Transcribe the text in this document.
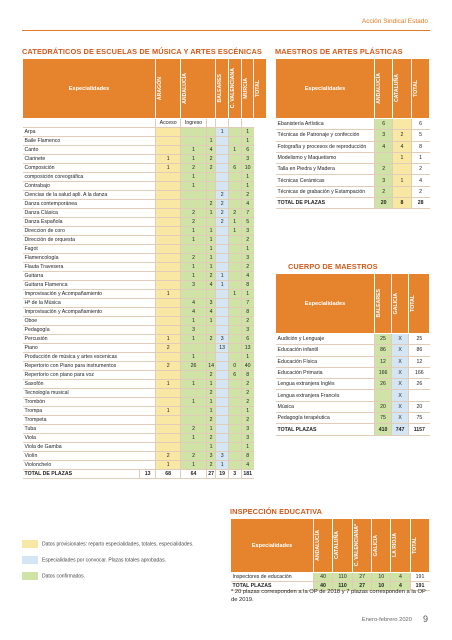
Acción Sindical Estado
CATEDRÁTICOS DE ESCUELAS DE MÚSICA Y ARTES ESCÉNICAS MAESTROS DE ARTES PLÁSTICAS
CUERPO DE MAESTROS
INSPECCIÓN EDUCATIVA
Especialidades		ARAGÓN	ANDALUCÍA		BALEARES	C. VALENCIANA	MURCIA	TOTAL

		Acceso	Ingreso					
Arpa					1		1	
Baile Flamenco				1			1	
Canto			1	4		1	6	
Clarinete		1	1	2			3	
Composición		1	2	2		6	10	
composición coreográfica			1				1	
Contrabajo			1				1	
Ciencias de la salud apli. A la danza					2		2	
Danza contemporánea				2	2		4	
Danza Clásica			2	1	2	2	7	
Danza Española			2		2	1	5	
Direccion de coro			1	1		1	3	
Dirección de orquesta			1	1			2	
Fagot				1			1	
Flamencología			2	1			3	
Flauta Travesera			1	1			2	
Guitarra			1	2	1		4	
Guitarra Flamenca			3	4	1		8	
Improvisación y Acompañamiento		1				1	1	
Hª de la Música			4	3			7	
Improvisación y Acompañamiento			4	4			8	
Oboe			1	1			2	
Pedagogía			3				3	
Percusión		1	1	2	3		6	
Piano		2			13		13	
Producción de música y artes escenicas			1				1	
Repertorio con Piano para instrumentos		2	26	14		0	40	
Repertorio con piano para voz				2		6	8	
Saxofón		1	1	1			2	
Tecnología musical				2			2	
Trombón			1	1			2	
Trompa		1		1			1	
Trompeta				2			2	
Tuba			2	1			3	
Viola			1	2			3	
Viola de Gamba				1			1	
Violín		2	2	3	3		8	
Violonchelo		1	1	2	1		4	
TOTAL DE PLAZAS	13	68	64	27	19	3	181	
Especialidades	ANDALUCÍA	CATALUÑA	TOTAL

Ebanistería Artística	6		6
Técnicas de Patronaje y confección	3	2	5
Fotografía y procesos de reproducción	4	4	8
Modelismo y Maquetismo		1	1
Talla en Piedra y Madera	2		2
Técnicas Cerámicas	3	1	4
Técnicas de grabación y Estampación	2		2
TOTAL DE PLAZAS	20	8	28
Especialidades	BALEARES	GALICIA	TOTAL

Audición y Lenguaje	25	X	25
Educación infantil	86	X	86
Educación Física	12	X	12
Educación Primaria	166	X	166
Lengua extranjera Inglés	26	X	26
Lengua extranjera Francés		X	
Música	20	X	20
Pedagogía terapéutica	75	X	75
TOTAL PLAZAS	410	747	1157
Especialidades	ANDALUCÍA	CATALUÑA	C. VALENCIANA*	GALICIA	LA RIOJA	TOTAL

Inspectores de educación	40	110	27	10	4	191
TOTAL PLAZAS	40	110	27	10	4	191
Datos provisionales: reparto especialidades, totales, especialidades.
Especialidades por convocar. Plazas totales aprobadas.
Datos confirmados.
* 20 plazas corresponden a la OP de 2018 y 7 plazas corresponden a la OP de 2019.
Enero-febrero 2020 9
